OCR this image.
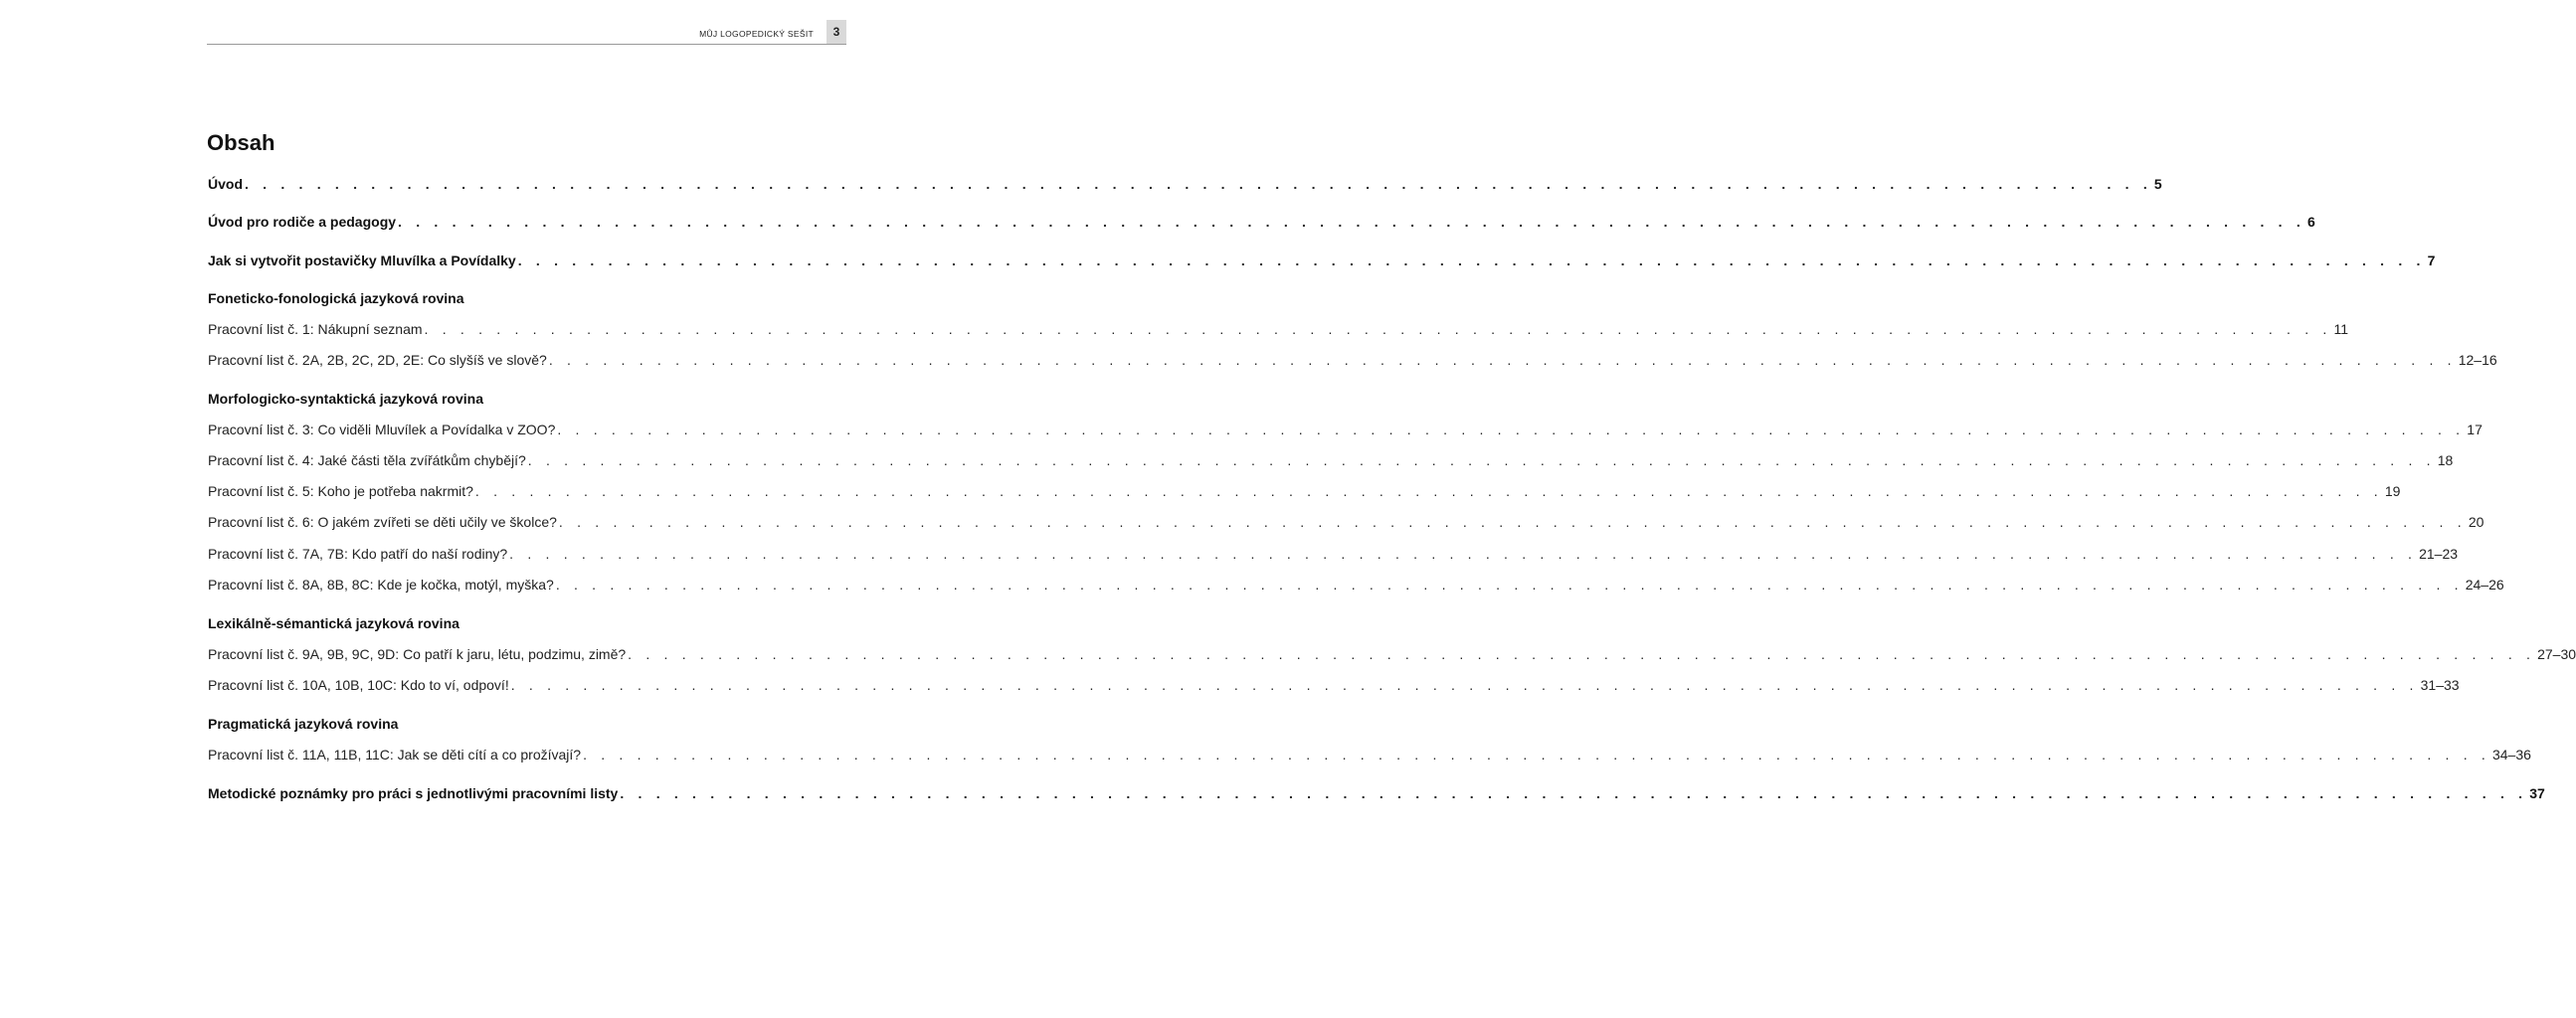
MŮJ LOGOPEDICKÝ SEŠIT	3
Obsah
Úvod . . . . . . . . . . . . . . . . . . . . . . . . . . . . . . . . . . . . . . . . . . . . . . . . . . . . . . . . . . . . . . . . . . . . . . . . . . . . . . . . . . . . . . . . . . . . . . . . . . . . . . . . . . 5
Úvod pro rodiče a pedagogy . . . . . . . . . . . . . . . . . . . . . . . . . . . . . . . . . . . . . . . . . . . . . . . . . . . . . . . . . . . . . . . . . . . . . . . . . . . . . . . . . . . . . . . . . . . . . . . . . . . . . . . . . . 6
Jak si vytvořit postavičky Mluvílka a Povídalky . . . . . . . . . . . . . . . . . . . . . . . . . . . . . . . . . . . . . . . . . . . . . . . . . . . . . . . . . . . . . . . . . . . . . . . . . . . . . . . . . . . . . . . . . . . . . . . . . . . . . . . . . . 7
Foneticko-fonologická jazyková rovina
Pracovní list č. 1: Nákupní seznam . . . . . . . . . . . . . . . . . . . . . . . . . . . . . . . . . . . . . . . . . . . . . . . . . . . . . . . . . . . . . . . . . . . . . . . . . . . . . . . . . . . . . . . . . . . . . . . . . . . . . . . . . . 11
Pracovní list č. 2A, 2B, 2C, 2D, 2E: Co slyšíš ve slově? . . . . . . . . . . . . . . . . . . . . . . . . . . . . . . . . . . . . . . . . . . . . . . . . . . . . . . . . . . . . . . . . . . . . . . . . . . . . . . . . . . . . . . . . . . . . . . . . . . . . . . . . . . 12–16
Morfologicko-syntaktická jazyková rovina
Pracovní list č. 3: Co viděli Mluvílek a Povídalka v ZOO? . . . . . . . . . . . . . . . . . . . . . . . . . . . . . . . . . . . . . . . . . . . . . . . . . . . . . . . . . . . . . . . . . . . . . . . . . . . . . . . . . . . . . . . . . . . . . . . . . . . . . . . . . . 17
Pracovní list č. 4: Jaké části těla zvířátkům chybějí? . . . . . . . . . . . . . . . . . . . . . . . . . . . . . . . . . . . . . . . . . . . . . . . . . . . . . . . . . . . . . . . . . . . . . . . . . . . . . . . . . . . . . . . . . . . . . . . . . . . . . . . . . . 18
Pracovní list č. 5: Koho je potřeba nakrmit? . . . . . . . . . . . . . . . . . . . . . . . . . . . . . . . . . . . . . . . . . . . . . . . . . . . . . . . . . . . . . . . . . . . . . . . . . . . . . . . . . . . . . . . . . . . . . . . . . . . . . . . . . . 19
Pracovní list č. 6: O jakém zvířeti se děti učily ve školce? . . . . . . . . . . . . . . . . . . . . . . . . . . . . . . . . . . . . . . . . . . . . . . . . . . . . . . . . . . . . . . . . . . . . . . . . . . . . . . . . . . . . . . . . . . . . . . . . . . . . . . . . . . 20
Pracovní list č. 7A, 7B: Kdo patří do naší rodiny? . . . . . . . . . . . . . . . . . . . . . . . . . . . . . . . . . . . . . . . . . . . . . . . . . . . . . . . . . . . . . . . . . . . . . . . . . . . . . . . . . . . . . . . . . . . . . . . . . . . . . . . . . . 21–23
Pracovní list č. 8A, 8B, 8C: Kde je kočka, motýl, myška? . . . . . . . . . . . . . . . . . . . . . . . . . . . . . . . . . . . . . . . . . . . . . . . . . . . . . . . . . . . . . . . . . . . . . . . . . . . . . . . . . . . . . . . . . . . . . . . . . . . . . . . . . . 24–26
Lexikálně-sémantická jazyková rovina
Pracovní list č. 9A, 9B, 9C, 9D: Co patří k jaru, létu, podzimu, zimě? . . . . . . . . . . . . . . . . . . . . . . . . . . . . . . . . . . . . . . . . . . . . . . . . . . . . . . . . . . . . . . . . . . . . . . . . . . . . . . . . . . . . . . . . . . . . . . . . . . . . . . . . . . 27–30
Pracovní list č. 10A, 10B, 10C: Kdo to ví, odpoví! . . . . . . . . . . . . . . . . . . . . . . . . . . . . . . . . . . . . . . . . . . . . . . . . . . . . . . . . . . . . . . . . . . . . . . . . . . . . . . . . . . . . . . . . . . . . . . . . . . . . . . . . . . 31–33
Pragmatická jazyková rovina
Pracovní list č. 11A, 11B, 11C: Jak se děti cítí a co prožívají? . . . . . . . . . . . . . . . . . . . . . . . . . . . . . . . . . . . . . . . . . . . . . . . . . . . . . . . . . . . . . . . . . . . . . . . . . . . . . . . . . . . . . . . . . . . . . . . . . . . . . . . . . . 34–36
Metodické poznámky pro práci s jednotlivými pracovními listy . . . . . . . . . . . . . . . . . . . . . . . . . . . . . . . . . . . . . . . . . . . . . . . . . . . . . . . . . . . . . . . . . . . . . . . . . . . . . . . . . . . . . . . . . . . . . . . . . . . . . . . . . . 37
